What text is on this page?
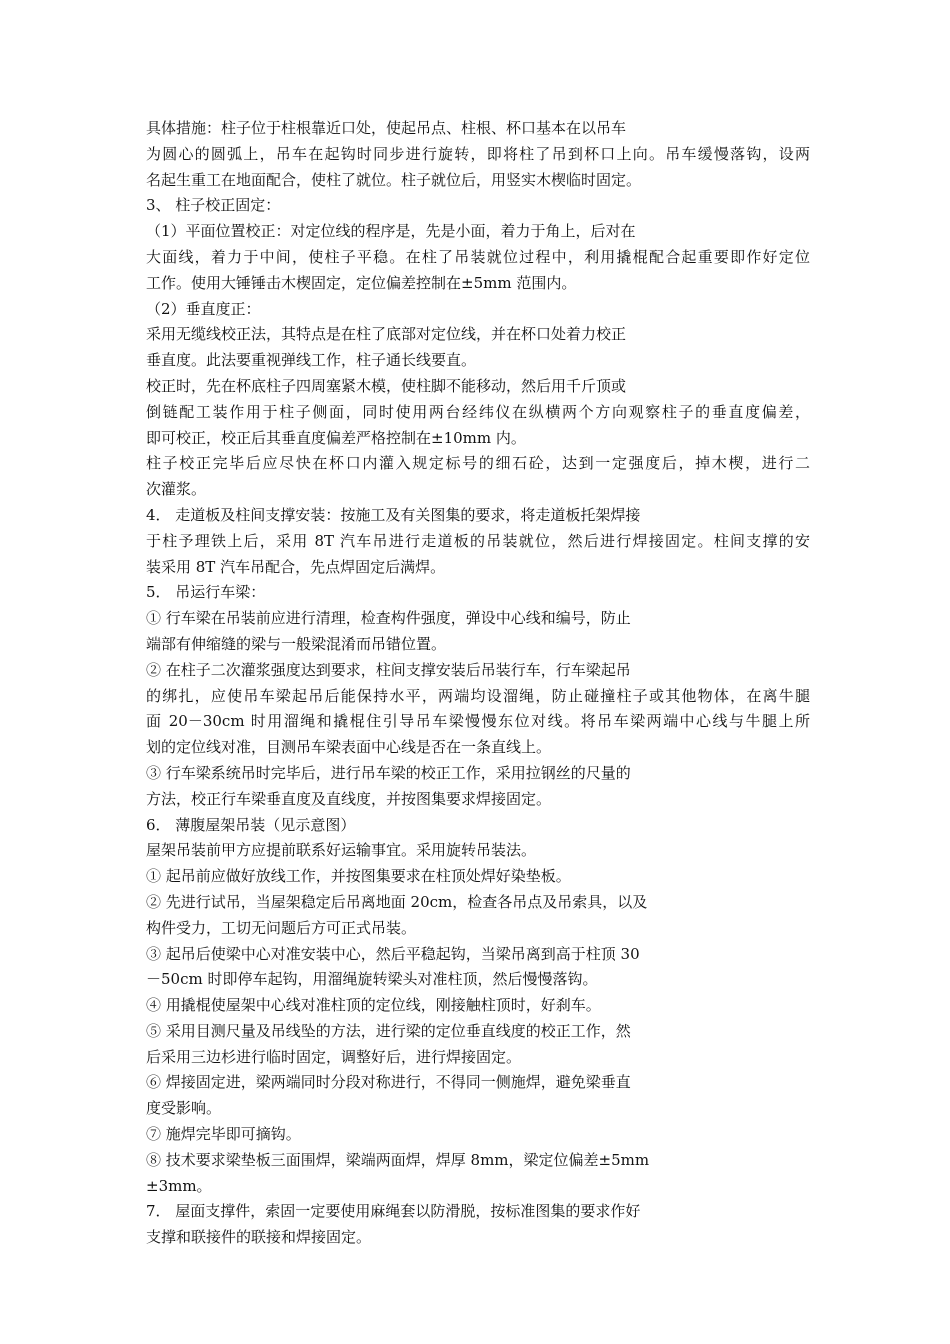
具体措施：柱子位于柱根靠近口处，使起吊点、柱根、杯口基本在以吊车
为圆心的圆弧上，吊车在起钩时同步进行旋转，即将柱了吊到杯口上向。吊车缓慢落钩，设两
名起生重工在地面配合，使柱了就位。柱子就位后，用竖实木楔临时固定。
3、 柱子校正固定：
（1）平面位置校正：对定位线的程序是，先是小面，着力于角上，后对在
大面线，着力于中间，使柱子平稳。在柱了吊装就位过程中，利用撬棍配合起重要即作好定位
工作。使用大锤锤击木楔固定，定位偏差控制在±5mm 范围内。
（2）垂直度正：
采用无缆线校正法，其特点是在柱了底部对定位线，并在杯口处着力校正
垂直度。此法要重视弹线工作，柱子通长线要直。
校正时，先在杯底柱子四周塞紧木模，使柱脚不能移动，然后用千斤顶或
倒链配工装作用于柱子侧面，同时使用两台经纬仪在纵横两个方向观察柱子的垂直度偏差，
即可校正，校正后其垂直度偏差严格控制在±10mm 内。
柱子校正完毕后应尽快在杯口内灌入规定标号的细石砼，达到一定强度后，掉木楔，进行二
次灌浆。
4． 走道板及柱间支撑安装：按施工及有关图集的要求，将走道板托架焊接
于柱予理铁上后，采用 8T 汽车吊进行走道板的吊装就位，然后进行焊接固定。柱间支撑的安
装采用 8T 汽车吊配合，先点焊固定后满焊。
5． 吊运行车梁：
① 行车梁在吊装前应进行清理，检查构件强度，弹设中心线和编号，防止
端部有伸缩缝的梁与一般梁混淆而吊错位置。
② 在柱子二次灌浆强度达到要求，柱间支撑安装后吊装行车，行车梁起吊
的绑扎，应使吊车梁起吊后能保持水平，两端均设溜绳，防止碰撞柱子或其他物体，在离牛腿
面 20－30cm 时用溜绳和撬棍住引导吊车梁慢慢东位对线。将吊车梁两端中心线与牛腿上所
划的定位线对准，目测吊车梁表面中心线是否在一条直线上。
③ 行车梁系统吊时完毕后，进行吊车梁的校正工作，采用拉钢丝的尺量的
方法，校正行车梁垂直度及直线度，并按图集要求焊接固定。
6． 薄腹屋架吊装（见示意图）
屋架吊装前甲方应提前联系好运输事宜。采用旋转吊装法。
① 起吊前应做好放线工作，并按图集要求在柱顶处焊好染垫板。
② 先进行试吊，当屋架稳定后吊离地面 20cm，检查各吊点及吊索具，以及
构件受力，工切无问题后方可正式吊装。
③ 起吊后使梁中心对准安装中心，然后平稳起钩，当梁吊离到高于柱顶 30
－50cm 时即停车起钩，用溜绳旋转梁头对准柱顶，然后慢慢落钩。
④ 用撬棍使屋架中心线对准柱顶的定位线，刚接触柱顶时，好刹车。
⑤ 采用目测尺量及吊线坠的方法，进行梁的定位垂直线度的校正工作，然
后采用三边杉进行临时固定，调整好后，进行焊接固定。
⑥ 焊接固定进，梁两端同时分段对称进行，不得同一侧施焊，避免梁垂直
度受影响。
⑦ 施焊完毕即可摘钩。
⑧ 技术要求梁垫板三面围焊，梁端两面焊，焊厚 8mm，梁定位偏差±5mm
±3mm。
7． 屋面支撑件，索固一定要使用麻绳套以防滑脱，按标准图集的要求作好
支撑和联接件的联接和焊接固定。
